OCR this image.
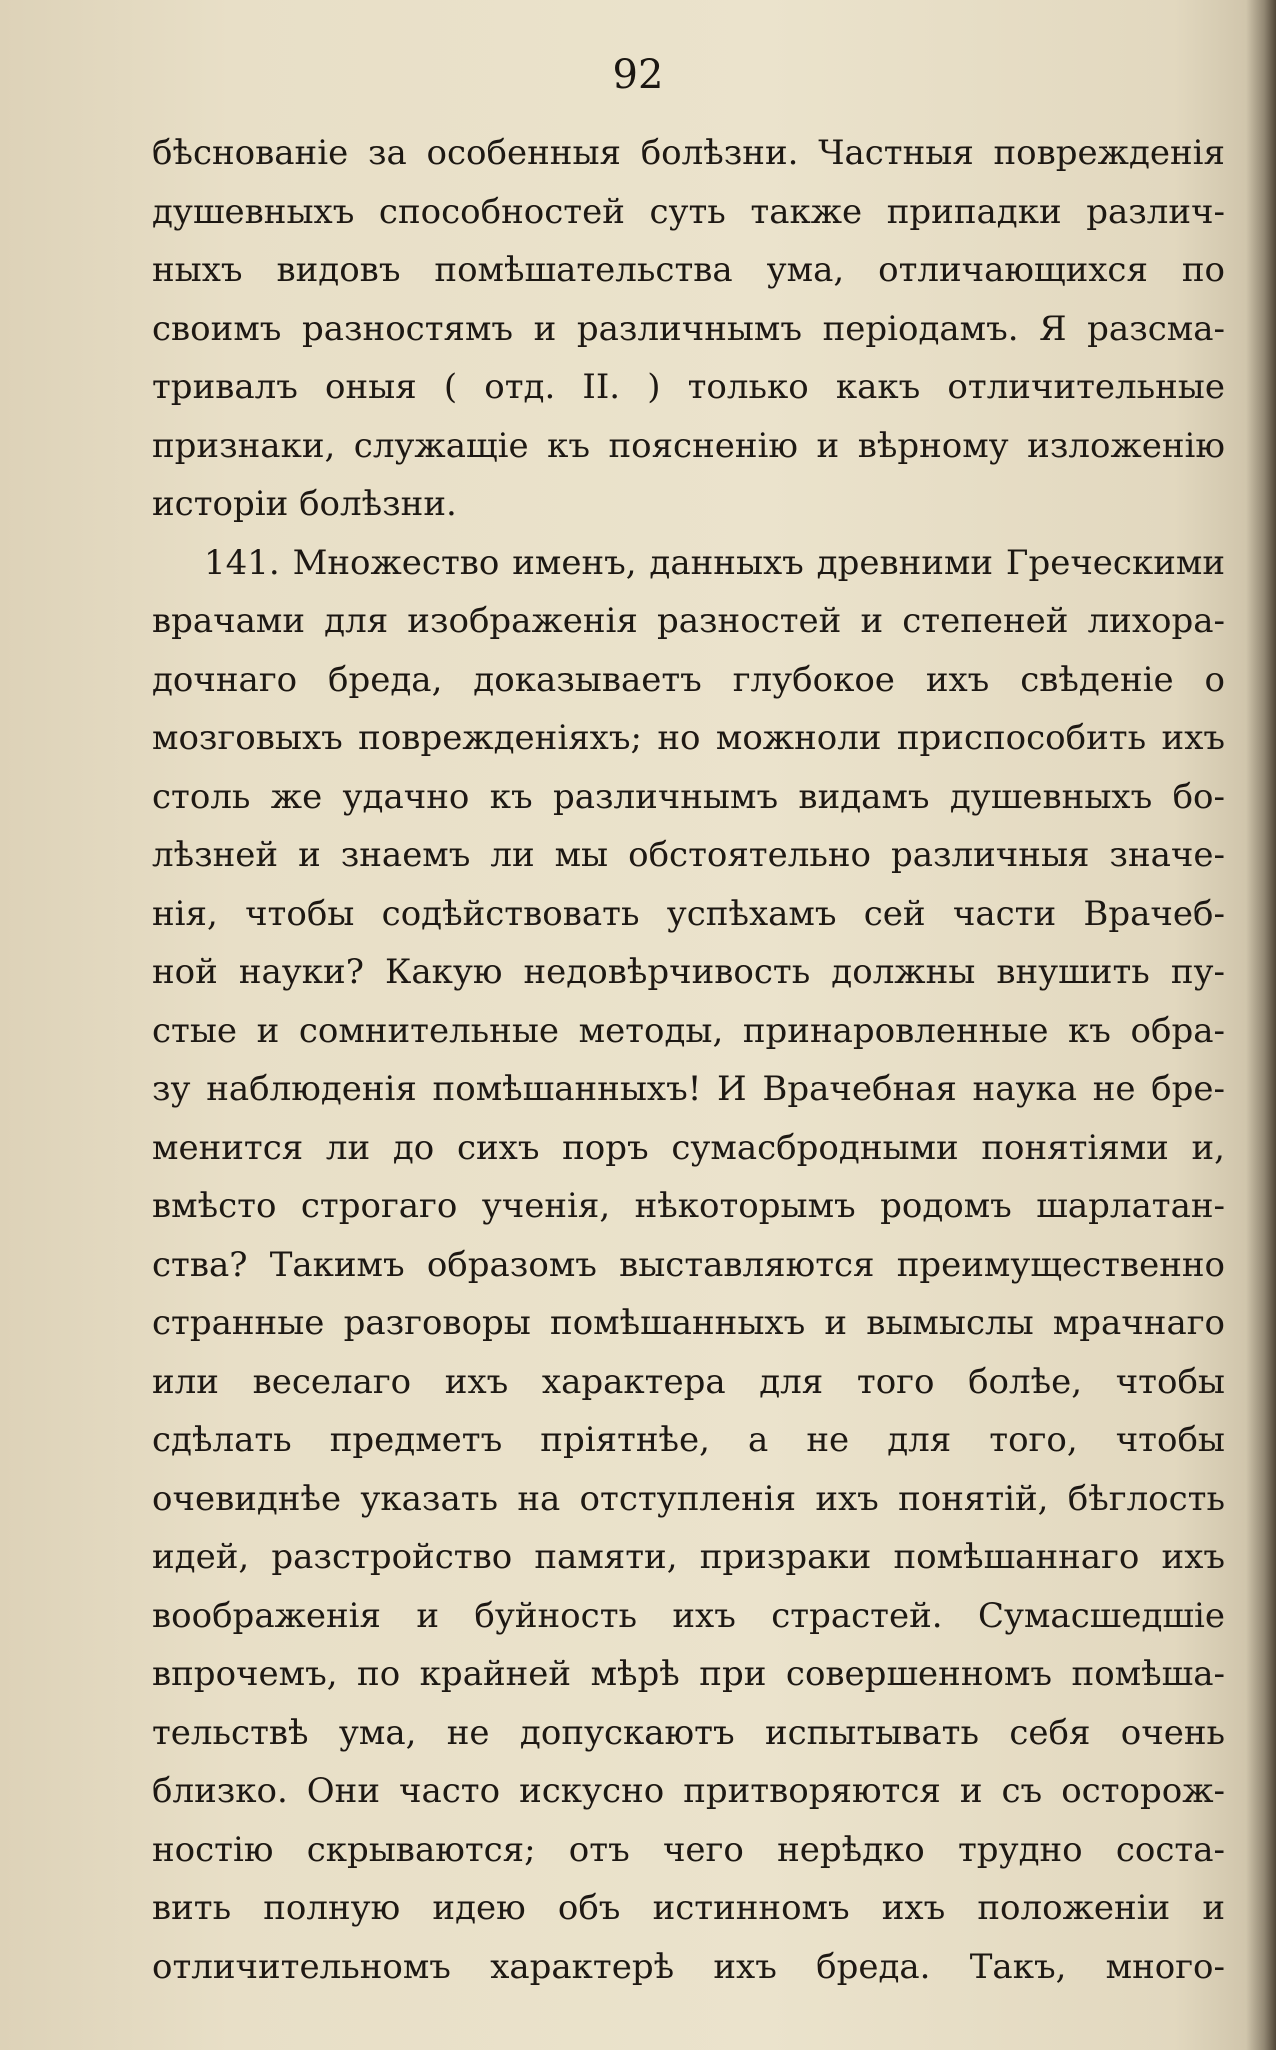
92
бѣснованіе за особенныя болѣзни. Частныя поврежденія
душевныхъ способностей суть также припадки различ-
ныхъ видовъ помѣшательства ума, отличающихся по
своимъ разностямъ и различнымъ періодамъ. Я разсма-
тривалъ оныя ( отд. II. ) только какъ отличительные
признаки, служащіе къ поясненію и вѣрному изложенію
исторіи болѣзни.
141. Множество именъ, данныхъ древними Греческими
врачами для изображенія разностей и степеней лихора-
дочнаго бреда, доказываетъ глубокое ихъ свѣденіе о
мозговыхъ поврежденіяхъ; но можноли приспособить ихъ
столь же удачно къ различнымъ видамъ душевныхъ бо-
лѣзней и знаемъ ли мы обстоятельно различныя значе-
нія, чтобы содѣйствовать успѣхамъ сей части Врачеб-
ной науки? Какую недовѣрчивость должны внушить пу-
стые и сомнительные методы, принаровленные къ обра-
зу наблюденія помѣшанныхъ! И Врачебная наука не бре-
менится ли до сихъ поръ сумасбродными понятіями и,
вмѣсто строгаго ученія, нѣкоторымъ родомъ шарлатан-
ства? Такимъ образомъ выставляются преимущественно
странные разговоры помѣшанныхъ и вымыслы мрачнаго
или веселаго ихъ характера для того болѣе, чтобы
сдѣлать предметъ пріятнѣе, а не для того, чтобы
очевиднѣе указать на отступленія ихъ понятій, бѣглость
идей, разстройство памяти, призраки помѣшаннаго ихъ
воображенія и буйность ихъ страстей. Сумасшедшіе
впрочемъ, по крайней мѣрѣ при совершенномъ помѣша-
тельствѣ ума, не допускаютъ испытывать себя очень
близко. Они часто искусно притворяются и съ осторож-
ностію скрываются; отъ чего нерѣдко трудно соста-
вить полную идею объ истинномъ ихъ положеніи и
отличительномъ характерѣ ихъ бреда. Такъ, много-
